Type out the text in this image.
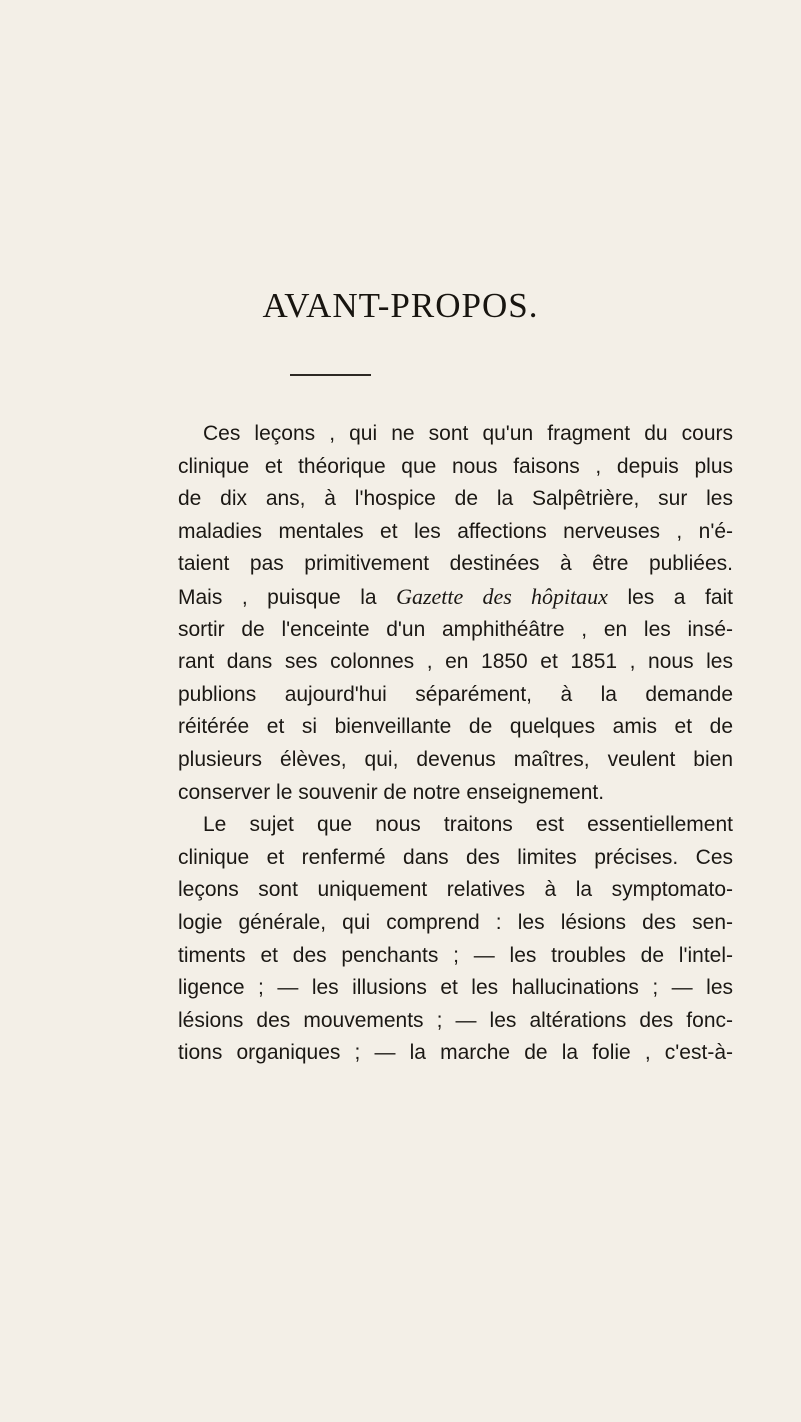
AVANT-PROPOS.
Ces leçons , qui ne sont qu'un fragment du cours
clinique et théorique que nous faisons , depuis plus
de dix ans, à l'hospice de la Salpêtrière, sur les
maladies mentales et les affections nerveuses , n'é-
taient pas primitivement destinées à être publiées.
Mais , puisque la Gazette des hôpitaux les a fait
sortir de l'enceinte d'un amphithéâtre , en les insé-
rant dans ses colonnes , en 1850 et 1851 , nous les
publions aujourd'hui séparément, à la demande
réitérée et si bienveillante de quelques amis et de
plusieurs élèves, qui, devenus maîtres, veulent bien
conserver le souvenir de notre enseignement.
Le sujet que nous traitons est essentiellement
clinique et renfermé dans des limites précises. Ces
leçons sont uniquement relatives à la symptomato-
logie générale, qui comprend : les lésions des sen-
timents et des penchants ; — les troubles de l'intel-
ligence ; — les illusions et les hallucinations ; — les
lésions des mouvements ; — les altérations des fonc-
tions organiques ; — la marche de la folie , c'est-à-
